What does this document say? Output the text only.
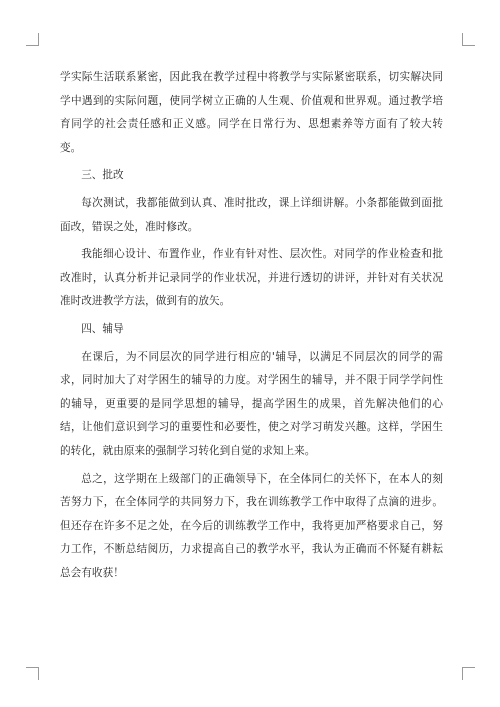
学实际生活联系紧密，因此我在教学过程中将教学与实际紧密联系，切实解决同学中遇到的实际问题，使同学树立正确的人生观、价值观和世界观。通过教学培育同学的社会责任感和正义感。同学在日常行为、思想素养等方面有了较大转变。

三、批改

每次测试，我都能做到认真、准时批改，课上详细讲解。小条都能做到面批面改，错误之处，准时修改。

我能细心设计、布置作业，作业有针对性、层次性。对同学的作业检查和批改准时，认真分析并记录同学的作业状况，并进行透切的讲评，并针对有关状况准时改进教学方法，做到有的放矢。

四、辅导

在课后，为不同层次的同学进行相应的'辅导，以满足不同层次的同学的需求，同时加大了对学困生的辅导的力度。对学困生的辅导，并不限于同学学问性的辅导，更重要的是同学思想的辅导，提高学困生的成果，首先解决他们的心结，让他们意识到学习的重要性和必要性，使之对学习萌发兴趣。这样，学困生的转化，就由原来的强制学习转化到自觉的求知上来。

总之，这学期在上级部门的正确领导下，在全体同仁的关怀下，在本人的刻苦努力下，在全体同学的共同努力下，我在训练教学工作中取得了点滴的进步。但还存在许多不足之处，在今后的训练教学工作中，我将更加严格要求自己，努力工作，不断总结阅历，力求提高自己的教学水平，我认为正确而不怀疑有耕耘总会有收获！
